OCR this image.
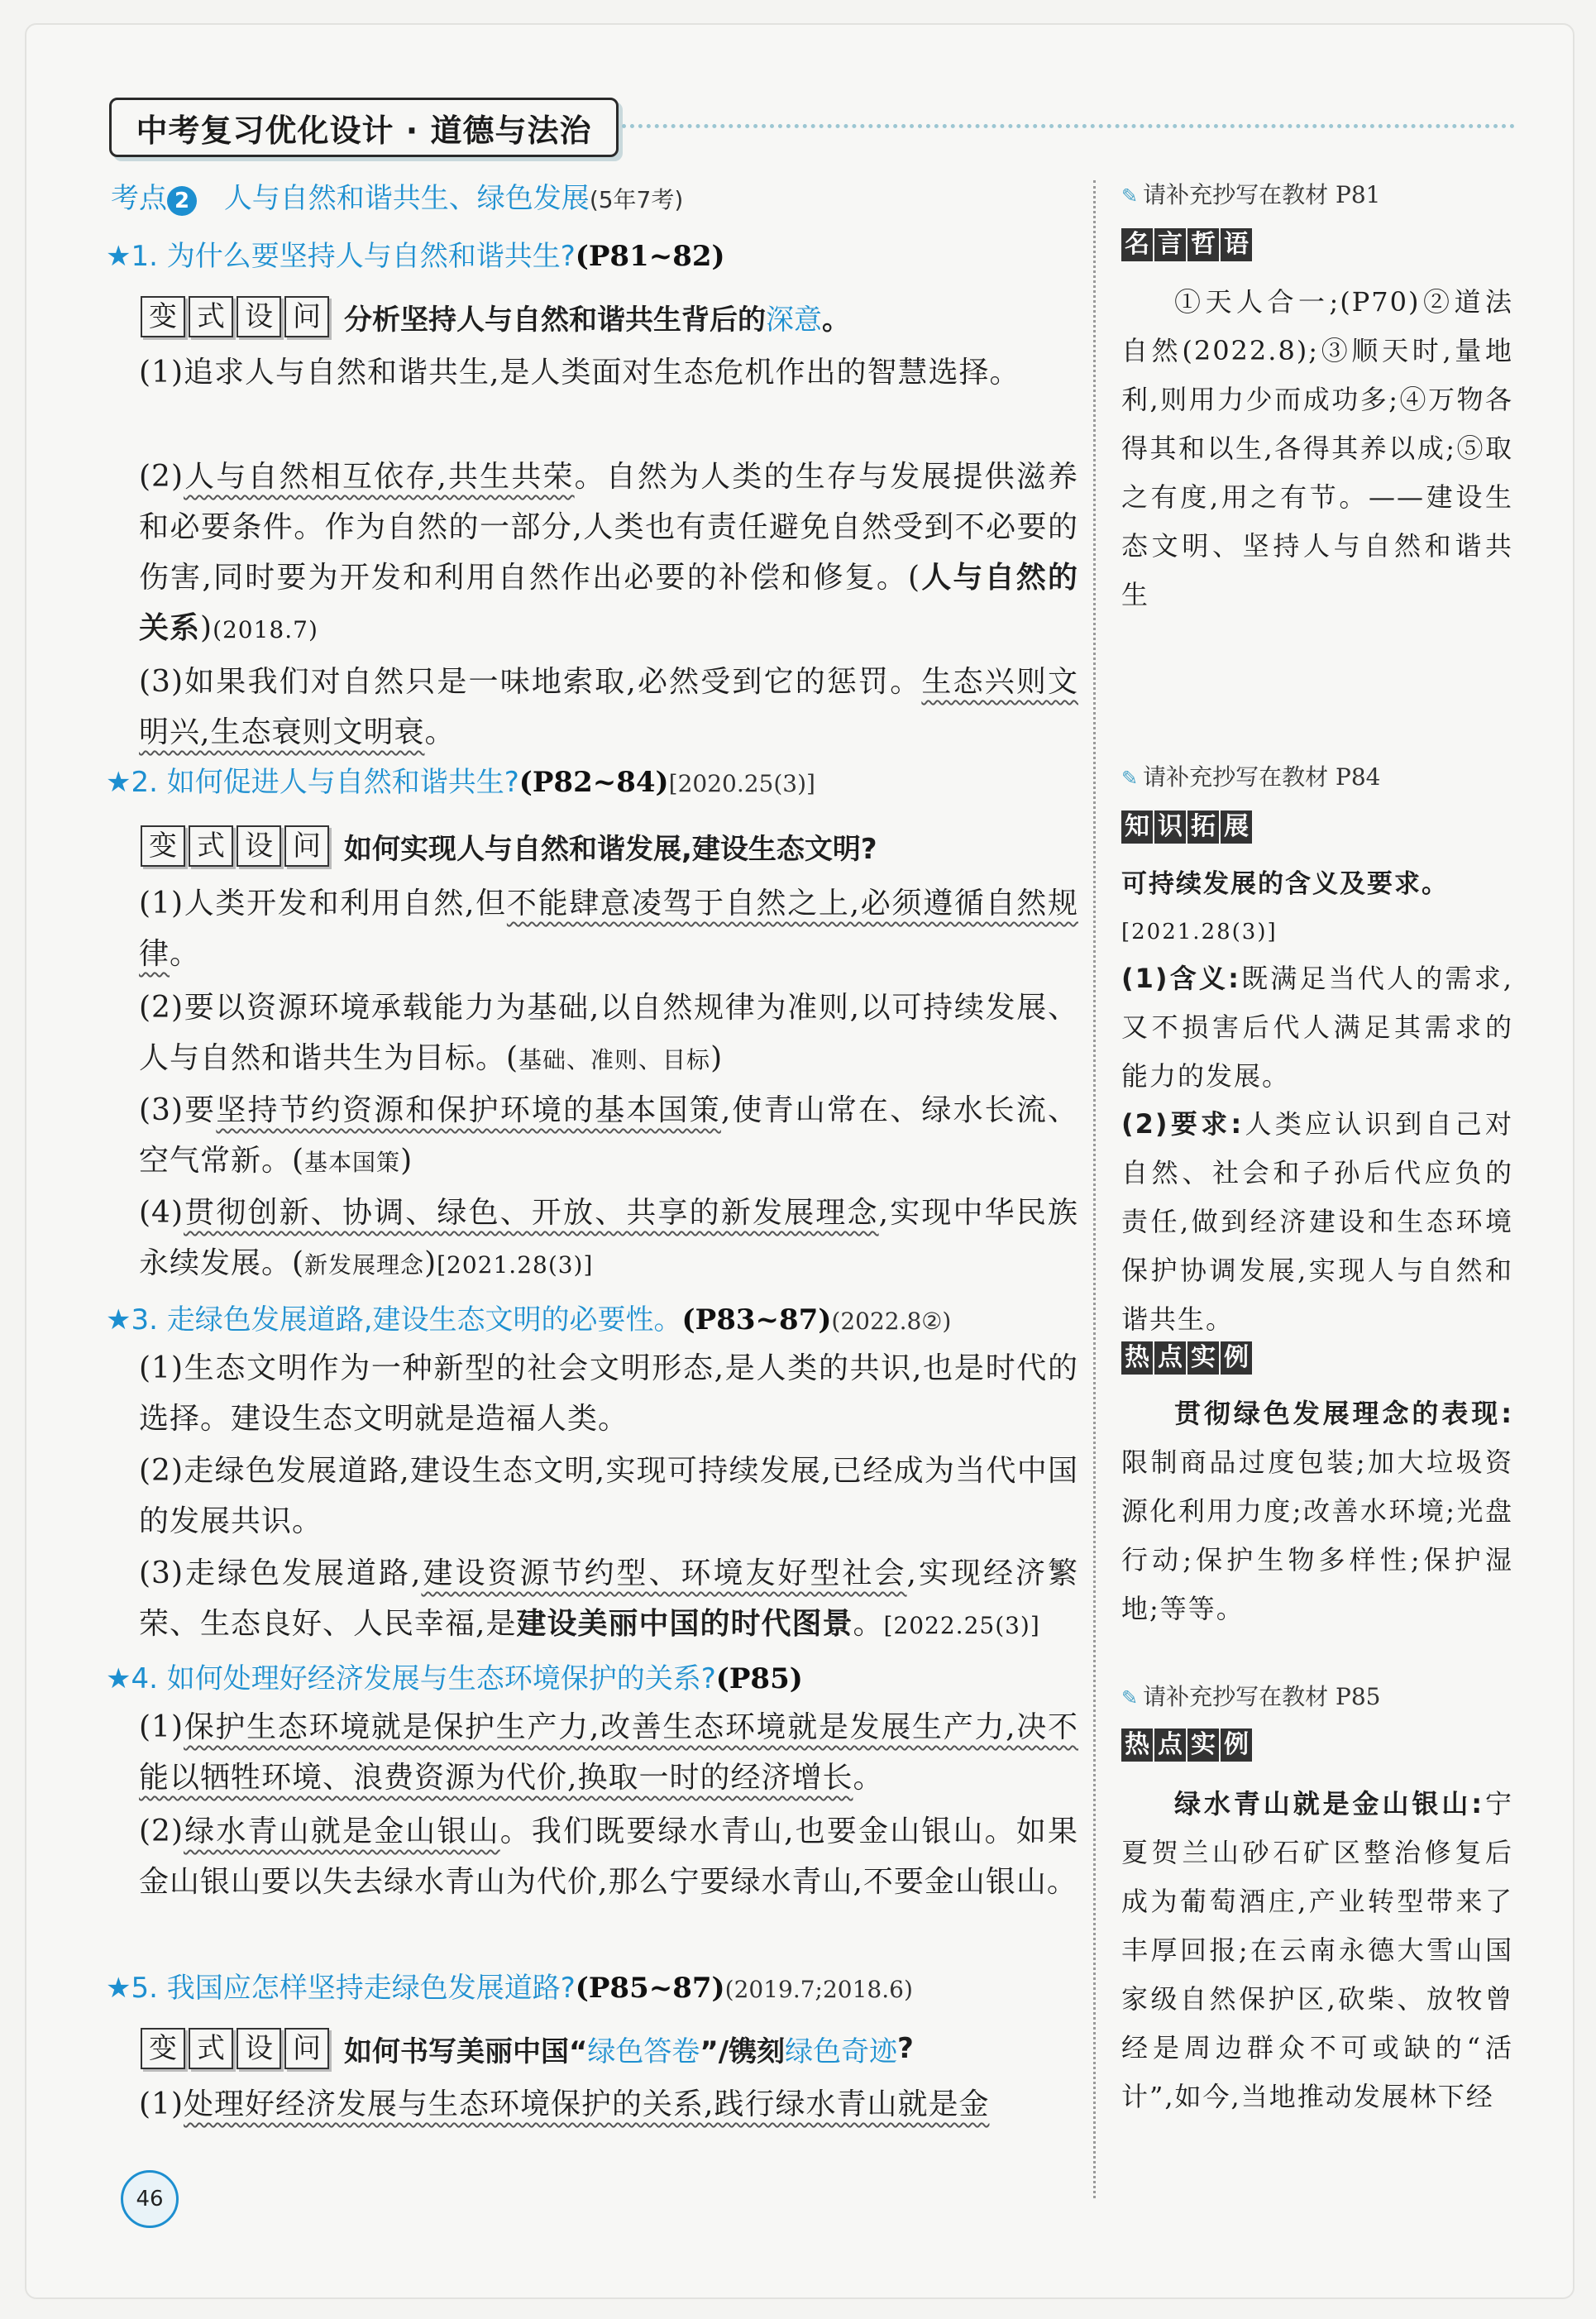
中考复习优化设计 · 道德与法治
考点 2 人与自然和谐共生、绿色发展(5年7考)
★1. 为什么要坚持人与自然和谐共生?(P81~82)
变 式 设 问 分析坚持人与自然和谐共生背后的 深意 。
(1)追求人与自然和谐共生,是人类面对生态危机作出的智慧选择。
(2)人与自然相互依存,共生共荣。自然为人类的生存与发展提供滋养和必要条件。作为自然的一部分,人类也有责任避免自然受到不必要的伤害,同时要为开发和利用自然作出必要的补偿和修复。(人与自然的关系)(2018.7)
(3)如果我们对自然只是一味地索取,必然受到它的惩罚。生态兴则文明兴,生态衰则文明衰。
★2. 如何促进人与自然和谐共生?(P82~84)[2020.25(3)]
变 式 设 问 如何实现人与自然和谐发展,建设生态文明?
(1)人类开发和利用自然,但不能肆意凌驾于自然之上,必须遵循自然规律。
(2)要以资源环境承载能力为基础,以自然规律为准则,以可持续发展、人与自然和谐共生为目标。(基础、准则、目标)
(3)要坚持节约资源和保护环境的基本国策,使青山常在、绿水长流、空气常新。(基本国策)
(4)贯彻创新、协调、绿色、开放、共享的新发展理念,实现中华民族永续发展。(新发展理念)[2021.28(3)]
★3. 走绿色发展道路,建设生态文明的必要性。(P83~87)(2022.8②)
(1)生态文明作为一种新型的社会文明形态,是人类的共识,也是时代的选择。建设生态文明就是造福人类。
(2)走绿色发展道路,建设生态文明,实现可持续发展,已经成为当代中国的发展共识。
(3)走绿色发展道路,建设资源节约型、环境友好型社会,实现经济繁荣、生态良好、人民幸福,是建设美丽中国的时代图景。[2022.25(3)]
★4. 如何处理好经济发展与生态环境保护的关系?(P85)
(1)保护生态环境就是保护生产力,改善生态环境就是发展生产力,决不能以牺牲环境、浪费资源为代价,换取一时的经济增长。
(2)绿水青山就是金山银山。我们既要绿水青山,也要金山银山。如果金山银山要以失去绿水青山为代价,那么宁要绿水青山,不要金山银山。
★5. 我国应怎样坚持走绿色发展道路?(P85~87)(2019.7;2018.6)
变 式 设 问 如何书写美丽中国“ 绿色答卷 ”/镌刻 绿色奇迹 ?
(1)处理好经济发展与生态环境保护的关系,践行绿水青山就是金
✎ 请补充抄写在教材 P81
名 言 哲 语
①天人合一;(P70)②道法自然(2022.8);③顺天时,量地利,则用力少而成功多;④万物各得其和以生,各得其养以成;⑤取之有度,用之有节。——建设生态文明、坚持人与自然和谐共生
✎ 请补充抄写在教材 P84
知 识 拓 展
可持续发展的含义及要求。
[2021.28(3)]
(1)含义:既满足当代人的需求,又不损害后代人满足其需求的能力的发展。
(2)要求:人类应认识到自己对自然、社会和子孙后代应负的责任,做到经济建设和生态环境保护协调发展,实现人与自然和谐共生。
热 点 实 例
贯彻绿色发展理念的表现:限制商品过度包装;加大垃圾资源化利用力度;改善水环境;光盘行动;保护生物多样性;保护湿地;等等。
✎ 请补充抄写在教材 P85
热 点 实 例
绿水青山就是金山银山:宁夏贺兰山砂石矿区整治修复后成为葡萄酒庄,产业转型带来了丰厚回报;在云南永德大雪山国家级自然保护区,砍柴、放牧曾经是周边群众不可或缺的“活计”,如今,当地推动发展林下经
46
